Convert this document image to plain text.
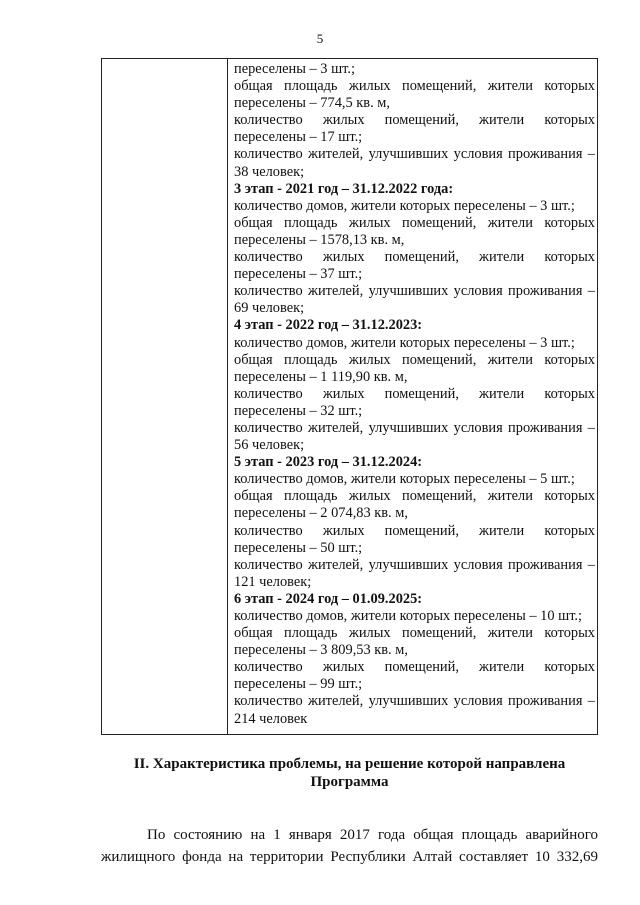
5
переселены – 3 шт.;
общая площадь жилых помещений, жители которых
переселены – 774,5 кв. м,
количество жилых помещений, жители которых
переселены – 17 шт.;
количество жителей, улучшивших условия проживания –
38 человек;
3 этап - 2021 год – 31.12.2022 года:
количество домов, жители которых переселены – 3 шт.;
общая площадь жилых помещений, жители которых
переселены – 1578,13 кв. м,
количество жилых помещений, жители которых
переселены – 37 шт.;
количество жителей, улучшивших условия проживания –
69 человек;
4 этап - 2022 год – 31.12.2023:
количество домов, жители которых переселены – 3 шт.;
общая площадь жилых помещений, жители которых
переселены – 1 119,90 кв. м,
количество жилых помещений, жители которых
переселены – 32 шт.;
количество жителей, улучшивших условия проживания –
56 человек;
5 этап - 2023 год – 31.12.2024:
количество домов, жители которых переселены – 5 шт.;
общая площадь жилых помещений, жители которых
переселены – 2 074,83 кв. м,
количество жилых помещений, жители которых
переселены – 50 шт.;
количество жителей, улучшивших условия проживания –
121 человек;
6 этап - 2024 год – 01.09.2025:
количество домов, жители которых переселены – 10 шт.;
общая площадь жилых помещений, жители которых
переселены – 3 809,53 кв. м,
количество жилых помещений, жители которых
переселены – 99 шт.;
количество жителей, улучшивших условия проживания –
214 человек
II. Характеристика проблемы, на решение которой направлена
Программа
По состоянию на 1 января 2017 года общая площадь аварийного
жилищного фонда на территории Республики Алтай составляет 10 332,69
